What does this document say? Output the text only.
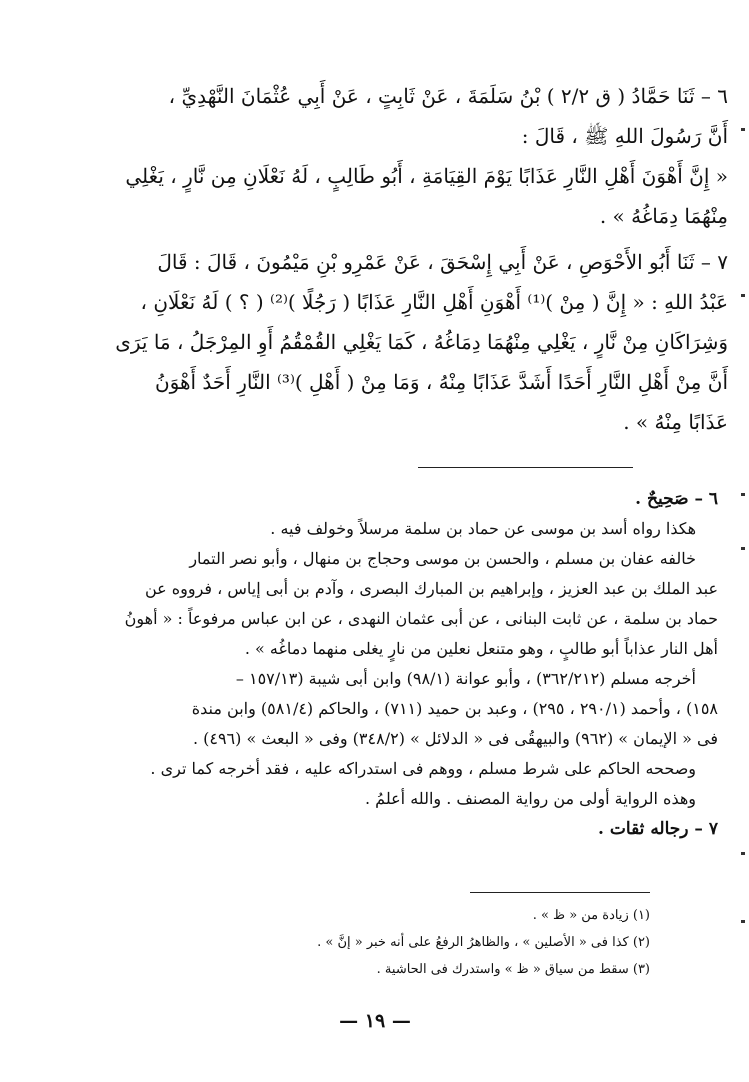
٦ – ثَنَا حَمَّادُ ( ق ٢/٢ ) بْنُ سَلَمَةَ ، عَنْ ثَابِتٍ ، عَنْ أَبِي عُثْمَانَ النَّهْدِيِّ ،
أَنَّ رَسُولَ اللهِ ﷺ ، قَالَ :
« إِنَّ أَهْوَنَ أَهْلِ النَّارِ عَذَابًا يَوْمَ القِيَامَةِ ، أَبُو طَالِبٍ ، لَهُ نَعْلَانِ مِن نَّارٍ ، يَغْلِي
مِنْهُمَا دِمَاغُهُ » .
٧ – ثَنَا أَبُو الأَحْوَصِ ، عَنْ أَبِي إِسْحَقَ ، عَنْ عَمْرِو بْنِ مَيْمُونَ ، قَالَ : قَالَ
عَبْدُ اللهِ : « إِنَّ ( مِنْ )⁽¹⁾ أَهْوَنِ أَهْلِ النَّارِ عَذَابًا ( رَجُلًا )⁽²⁾ ( ؟ ) لَهُ نَعْلَانِ ،
وَشِرَاكَانِ مِنْ نَّارٍ ، يَغْلِي مِنْهُمَا دِمَاغُهُ ، كَمَا يَغْلِي القُمْقُمُ أَوِ المِرْجَلُ ، مَا يَرَى
أَنَّ مِنْ أَهْلِ النَّارِ أَحَدًا أَشَدَّ عَذَابًا مِنْهُ ، وَمَا مِنْ ( أَهْلِ )⁽³⁾ النَّارِ أَحَدٌ أَهْوَنُ
عَذَابًا مِنْهُ » .
٦ – صَحِيحٌ .
هكذا رواه أسد بن موسى عن حماد بن سلمة مرسلاً وخولف فيه .
خالفه عفان بن مسلم ، والحسن بن موسى وحجاج بن منهال ، وأبو نصر التمار
عبد الملك بن عبد العزيز ، وإبراهيم بن المبارك البصرى ، وآدم بن أبى إياس ، فرووه عن
حماد بن سلمة ، عن ثابت البنانى ، عن أبى عثمان النهدى ، عن ابن عباس مرفوعاً : « أهونُ
أهل النار عذاباً أبو طالبٍ ، وهو متنعل نعلين من نارٍ يغلى منهما دماغُه » .
أخرجه مسلم (٣٦٢/٢١٢) ، وأبو عوانة (٩٨/١) وابن أبى شيبة (١٥٧/١٣ –
١٥٨) ، وأحمد (٢٩٠/١ ، ٢٩٥) ، وعبد بن حميد (٧١١) ، والحاكم (٥٨١/٤) وابن مندة
فى « الإيمان » (٩٦٢) والبيهقُى فى « الدلائل » (٣٤٨/٢) وفى « البعث » (٤٩٦) .
وصححه الحاكم على شرط مسلم ، ووهم فى استدراكه عليه ، فقد أخرجه كما ترى .
وهذه الرواية أولى من رواية المصنف . والله أعلمُ .
٧ – رجاله ثقات .
(١) زيادة من « ظ » .
(٢) كذا فى « الأصلين » ، والظاهرُ الرفعُ على أنه خبر « إنَّ » .
(٣) سقط من سياق « ظ » واستدرك فى الحاشية .
— ١٩ —
